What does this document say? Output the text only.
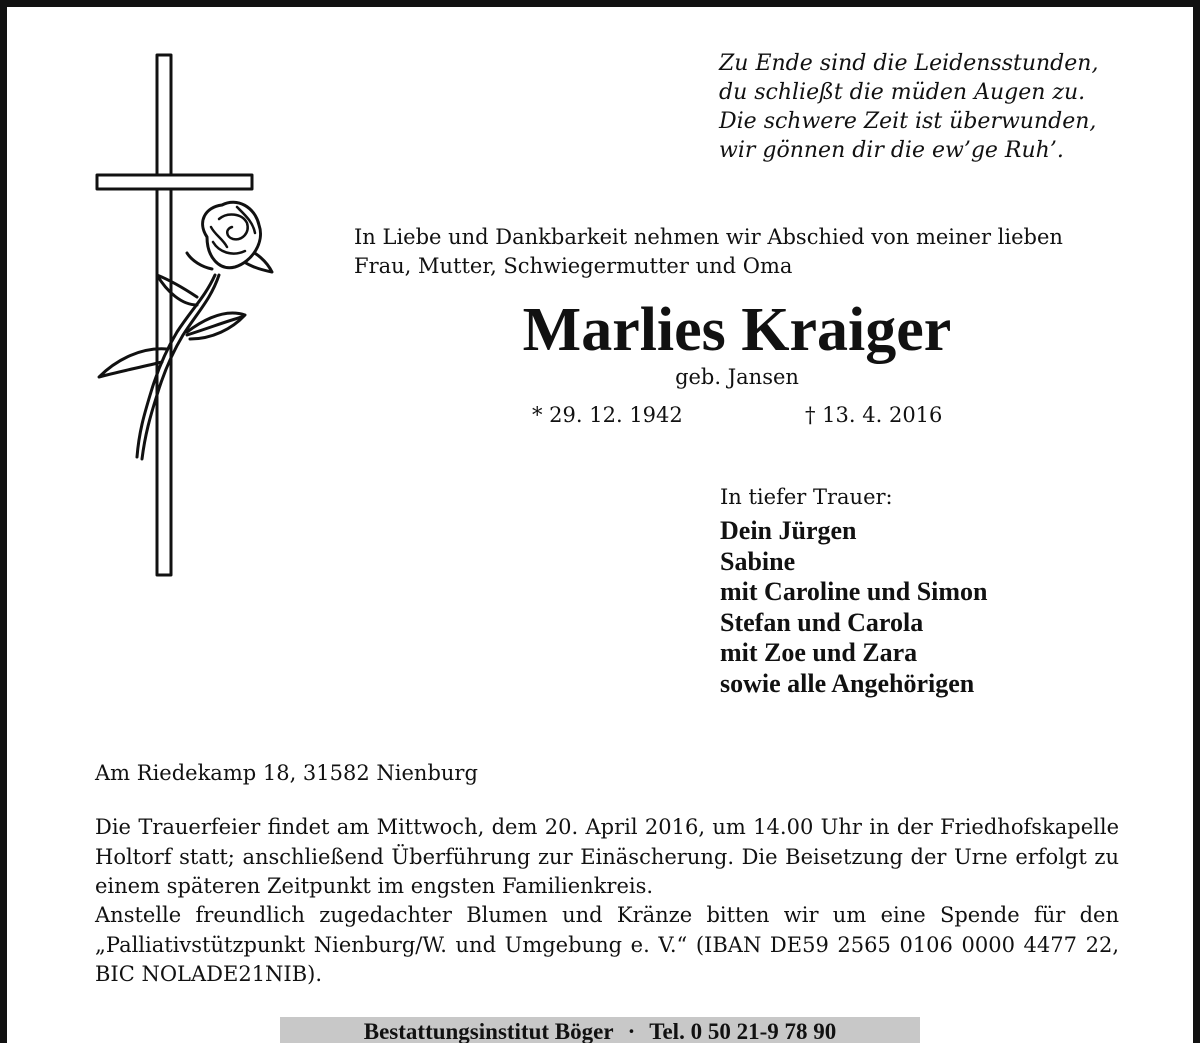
Zu Ende sind die Leidensstunden,
du schließt die müden Augen zu.
Die schwere Zeit ist überwunden,
wir gönnen dir die ew’ge Ruh’.
In Liebe und Dankbarkeit nehmen wir Abschied von meiner lieben
Frau, Mutter, Schwiegermutter und Oma
Marlies Kraiger
geb. Jansen
* 29. 12. 1942	† 13. 4. 2016
In tiefer Trauer:
Dein Jürgen
Sabine
mit Caroline und Simon
Stefan und Carola
mit Zoe und Zara
sowie alle Angehörigen
Am Riedekamp 18, 31582 Nienburg
Die Trauerfeier findet am Mittwoch, dem 20. April 2016, um 14.00 Uhr in der Friedhofskapelle Holtorf statt; anschließend Überführung zur Einäscherung. Die Beisetzung der Urne erfolgt zu einem späteren Zeitpunkt im engsten Familienkreis.
Anstelle freundlich zugedachter Blumen und Kränze bitten wir um eine Spende für den „Palliativstützpunkt Nienburg/W. und Umgebung e. V.“ (IBAN DE59 2565 0106 0000 4477 22, BIC NOLADE21NIB).
Bestattungsinstitut Böger · Tel. 0 50 21-9 78 90
